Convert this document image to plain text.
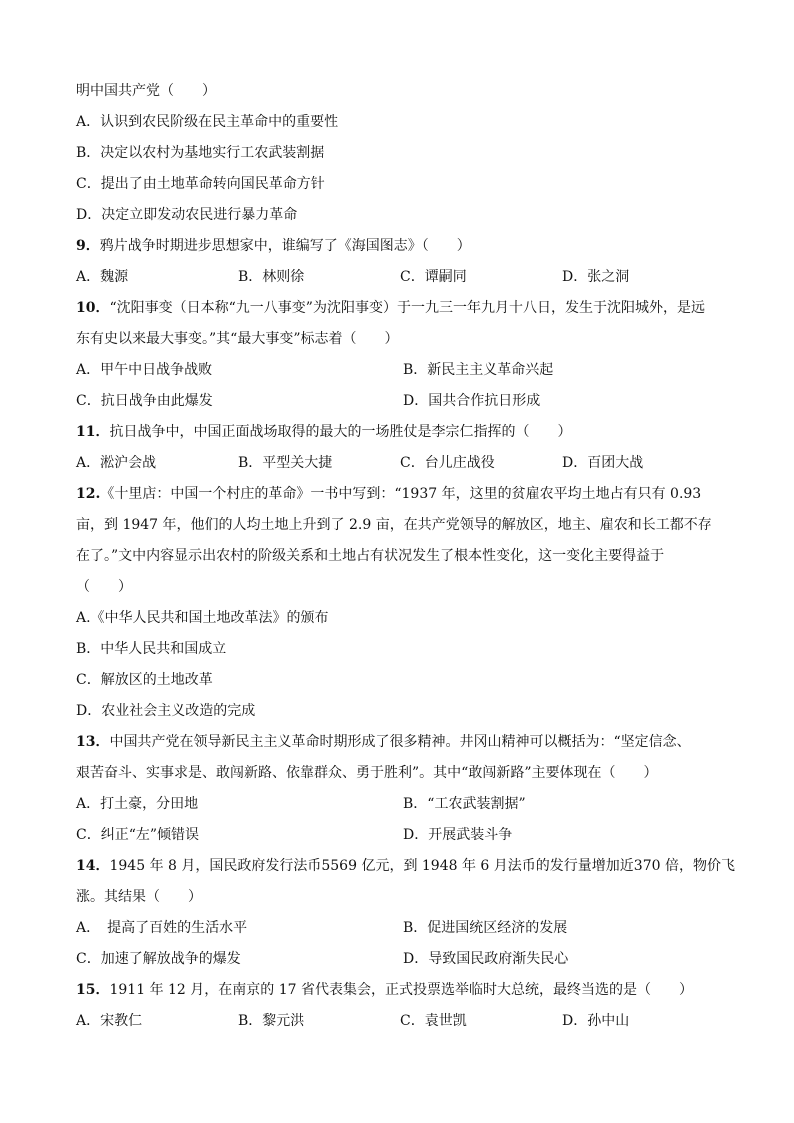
明中国共产党（　　）
A．认识到农民阶级在民主革命中的重要性
B．决定以农村为基地实行工农武装割据
C．提出了由土地革命转向国民革命方针
D．决定立即发动农民进行暴力革命
9．鸦片战争时期进步思想家中，谁编写了《海国图志》（　　）
A．魏源	B．林则徐	C．谭嗣同	D．张之洞
10．“沈阳事变（日本称“九一八事变”为沈阳事变）于一九三一年九月十八日，发生于沈阳城外，是远
东有史以来最大事变。”其“最大事变”标志着（　　）
A．甲午中日战争战败	B．新民主主义革命兴起
C．抗日战争由此爆发	D．国共合作抗日形成
11．抗日战争中，中国正面战场取得的最大的一场胜仗是李宗仁指挥的（　　）
A．淞沪会战	B．平型关大捷	C．台儿庄战役	D．百团大战
12.《十里店：中国一个村庄的革命》一书中写到：“1937 年，这里的贫雇农平均土地占有只有 0.93
亩，到 1947 年，他们的人均土地上升到了 2.9 亩，在共产党领导的解放区，地主、雇农和长工都不存
在了。”文中内容显示出农村的阶级关系和土地占有状况发生了根本性变化，这一变化主要得益于
（　　）
A.《中华人民共和国土地改革法》的颁布
B．中华人民共和国成立
C．解放区的土地改革
D．农业社会主义改造的完成
13．中国共产党在领导新民主主义革命时期形成了很多精神。井冈山精神可以概括为：“坚定信念、
艰苦奋斗、实事求是、敢闯新路、依靠群众、勇于胜利”。其中“敢闯新路”主要体现在（　　）
A．打土豪，分田地	B．“工农武装割据”
C．纠正“左”倾错误	D．开展武装斗争
14．1945 年 8 月，国民政府发行法币5569 亿元，到 1948 年 6 月法币的发行量增加近370 倍，物价飞
涨。其结果（　　）
A．　提高了百姓的生活水平	B．促进国统区经济的发展
C．加速了解放战争的爆发	D．导致国民政府渐失民心
15．1911 年 12 月，在南京的 17 省代表集会，正式投票选举临时大总统，最终当选的是（　　）
A．宋教仁	B．黎元洪	C．袁世凯	D．孙中山
